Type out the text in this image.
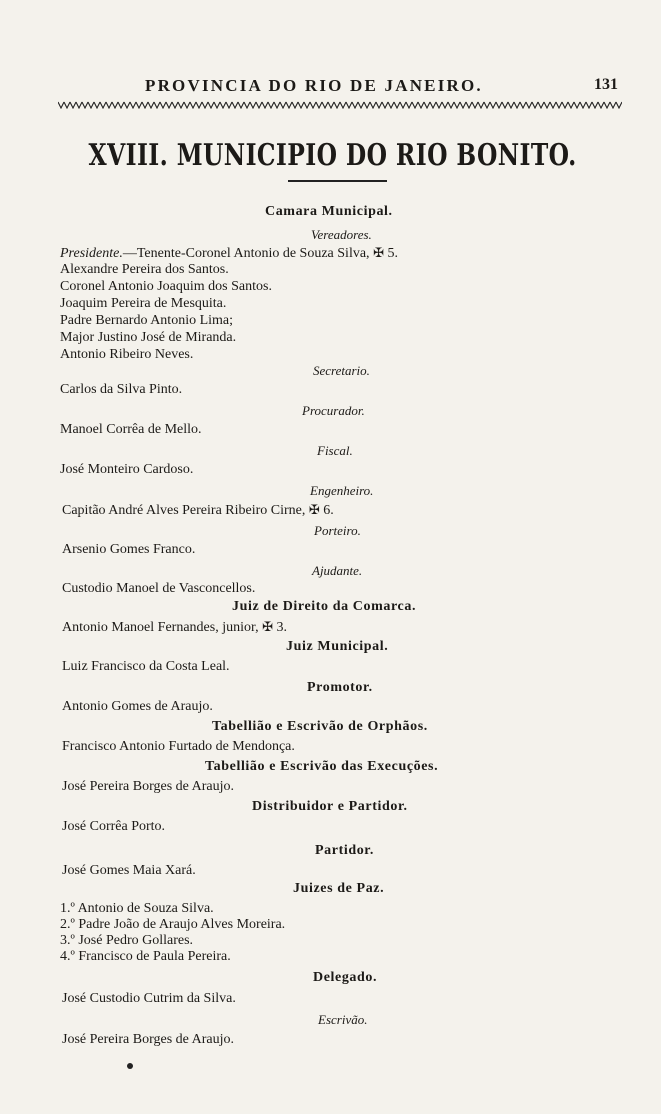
PROVINCIA DO RIO DE JANEIRO.	131
XVIII. MUNICIPIO DO RIO BONITO.
Camara Municipal.
Vereadores.
Presidente.—Tenente-Coronel Antonio de Souza Silva, ✠ 5.
Alexandre Pereira dos Santos.
Coronel Antonio Joaquim dos Santos.
Joaquim Pereira de Mesquita.
Padre Bernardo Antonio Lima;
Major Justino José de Miranda.
Antonio Ribeiro Neves.
Secretario.
Carlos da Silva Pinto.
Procurador.
Manoel Corrêa de Mello.
Fiscal.
José Monteiro Cardoso.
Engenheiro.
Capitão André Alves Pereira Ribeiro Cirne, ✠ 6.
Porteiro.
Arsenio Gomes Franco.
Ajudante.
Custodio Manoel de Vasconcellos.
Juiz de Direito da Comarca.
Antonio Manoel Fernandes, junior, ✠ 3.
Juiz Municipal.
Luiz Francisco da Costa Leal.
Promotor.
Antonio Gomes de Araujo.
Tabellião e Escrivão de Orphãos.
Francisco Antonio Furtado de Mendonça.
Tabellião e Escrivão das Execuções.
José Pereira Borges de Araujo.
Distribuidor e Partidor.
José Corrêa Porto.
Partidor.
José Gomes Maia Xará.
Juizes de Paz.
1.º Antonio de Souza Silva.
2.º Padre João de Araujo Alves Moreira.
3.º José Pedro Gollares.
4.º Francisco de Paula Pereira.
Delegado.
José Custodio Cutrim da Silva.
Escrivão.
José Pereira Borges de Araujo.
